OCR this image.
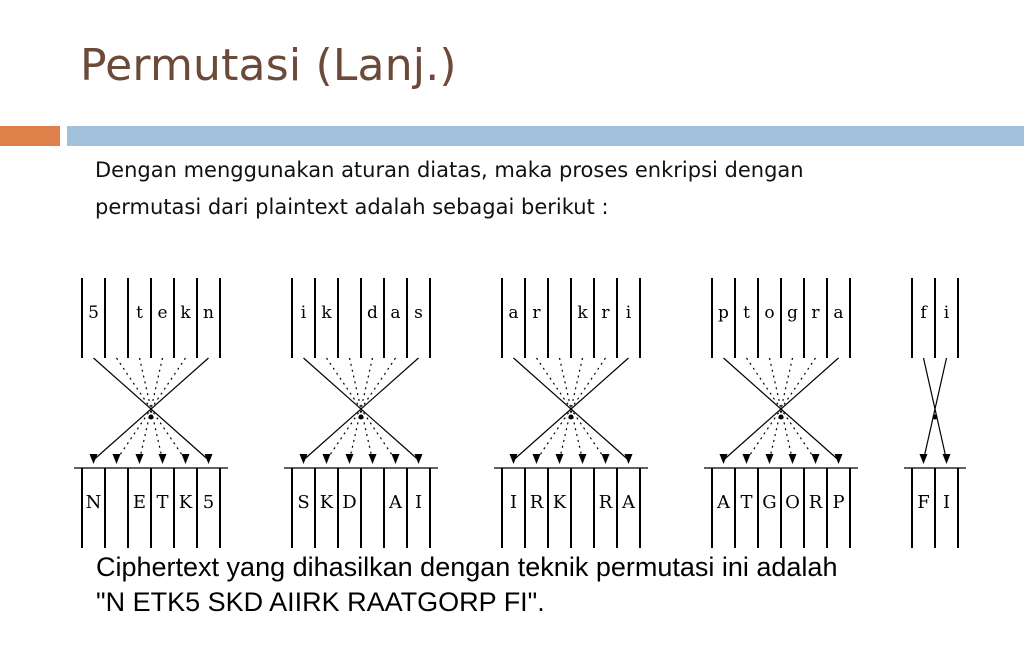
Permutasi (Lanj.)
Dengan menggunakan aturan diatas, maka proses enkripsi dengan
permutasi dari plaintext adalah sebagai berikut :
5 t e k n	i k d a s	a r k r i	p t o g r a	f i
N E T K 5	S K D A I	I R K R A	A T G O R P	F I
Ciphertext yang dihasilkan dengan teknik permutasi ini adalah
"N ETK5 SKD AIIRK RAATGORP FI".
